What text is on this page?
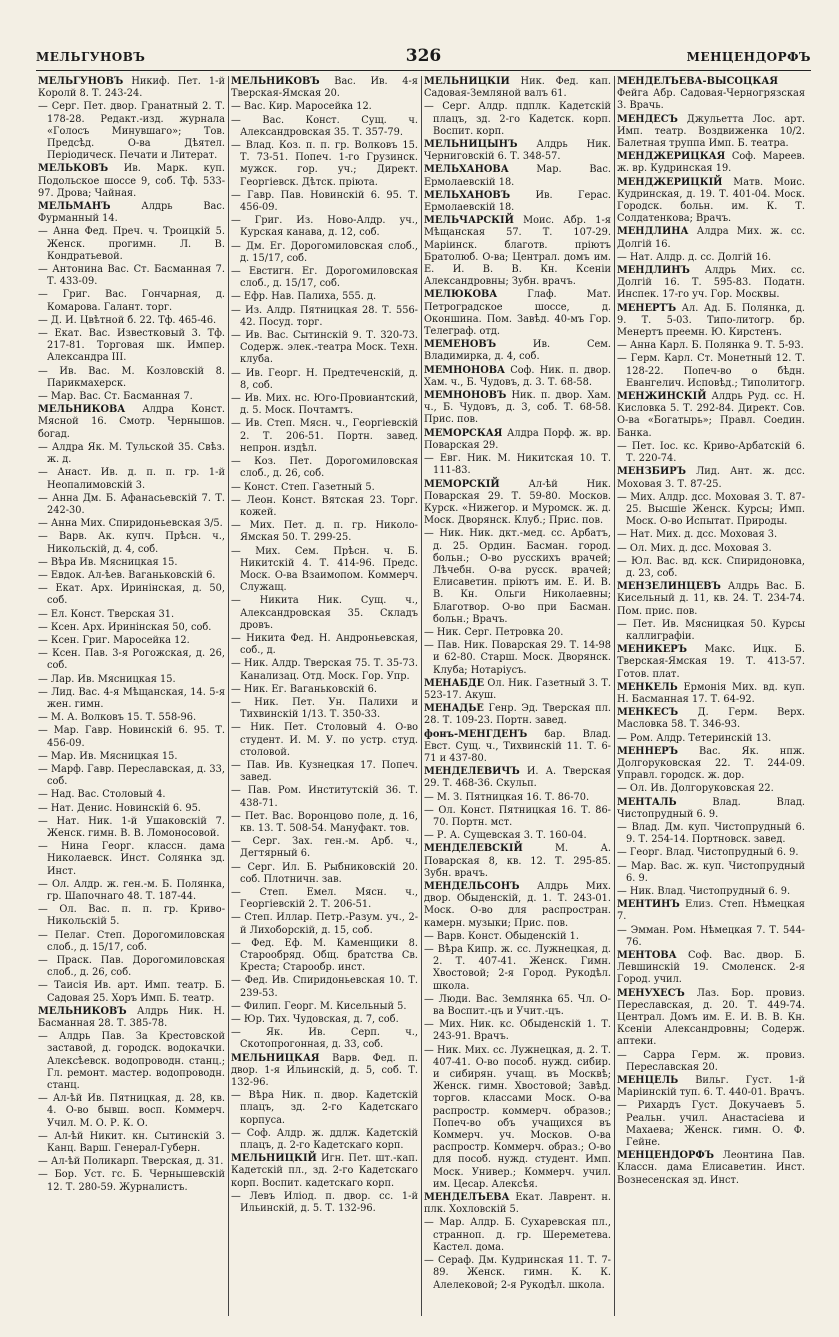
МЕЛЬГУНОВЪ	326	МЕНЦЕНДОРФЪ
МЕЛЬГУНОВЪ Никиф. Пет. 1-й Королй 8. Т. 243-24.
— Серг. Пет. двор. Гранатный 2. Т. 178-28. Редакт.-изд. журнала «Голосъ Минувшаго»; Тов. Предсѣд. О-ва Дѣятел. Періодическ. Печати и Литерат.
МЕЛЬКОВЪ Ив. Марк. куп. Подольское шоссе 9, соб. Тф. 533-97. Дрова; Чайная.
МЕЛЬМАНЪ Алдрь Вас. Фурманный 14.
— Анна Фед. Преч. ч. Троицкій 5. Женск. прогимн. Л. В. Кондратьевой.
— Антонина Вас. Ст. Басманная 7. Т. 433-09.
— Григ. Вас. Гончарная, д. Комарова. Галант. торг.
— Д. И. Цвѣтной б. 22. Тф. 465-46.
— Екат. Вас. Известковый 3. Тф. 217-81. Торговая шк. Импер. Александра III.
— Ив. Вас. М. Козловскій 8. Парикмахерск.
— Мар. Вас. Ст. Басманная 7.
МЕЛЬНИКОВА Алдра Конст. Мясной 16. Смотр. Чернышов. богад.
— Алдра Як. М. Тульской 35. Свѣз. ж. д.
— Анаст. Ив. д. п. п. гр. 1-й Неопалимовскій 3.
— Анна Дм. Б. Афанасьевскій 7. Т. 242-30.
— Анна Мих. Спиридоньевская 3/5.
— Варв. Ак. купч. Прѣсн. ч., Никольскій, д. 4, соб.
— Вѣра Ив. Мясницкая 15.
— Евдок. Ал-ѣев. Ваганьковскій 6.
— Екат. Арх. Иринінская, д. 50, соб.
— Ел. Конст. Тверская 31.
— Ксен. Арх. Иринінская 50, соб.
— Ксен. Григ. Маросейка 12.
— Ксен. Пав. 3-я Рогожская, д. 26, соб.
— Лар. Ив. Мясницкая 15.
— Лид. Вас. 4-я Мѣщанская, 14. 5-я жен. гимн.
— М. А. Волковъ 15. Т. 558-96.
— Мар. Гавр. Новинскій 6. 95. Т. 456-09.
— Мар. Ив. Мясницкая 15.
— Марф. Гавр. Переславская, д. 33, соб.
— Над. Вас. Столовый 4.
— Нат. Денис. Новинскій 6. 95.
— Нат. Ник. 1-й Ушаковскій 7. Женск. гимн. В. В. Ломоносовой.
— Нина Георг. классн. дама Николаевск. Инст. Солянка зд. Инст.
— Ол. Алдр. ж. ген.-м. Б. Полянка, гр. Шапочнаго 48. Т. 187-44.
— Ол. Вас. п. п. гр. Криво-Никольскій 5.
— Пелаг. Степ. Дорогомиловская слоб., д. 15/17, соб.
— Праск. Пав. Дорогомиловская слоб., д. 26, соб.
— Таисія Ив. арт. Имп. театр. Б. Садовая 25. Хоръ Имп. Б. театр.
МЕЛЬНИКОВЪ Алдрь Ник. Н. Басманная 28. Т. 385-78.
— Алдрь Пав. За Крестовской заставой, д. городск. водокачки. Алексѣевск. водопроводн. станц.; Гл. ремонт. мастер. водопроводн. станц.
— Ал-ѣй Ив. Пятницкая, д. 28, кв. 4. О-во бывш. восп. Коммерч. Учил. М. О. Р. К. О.
— Ал-ѣй Никит. кн. Сытинскій 3. Канц. Варш. Генерал-Губерн.
— Ал-ѣй Поликарп. Тверская, д. 31.
— Бор. Уст. гс. Б. Чернышевскій 12. Т. 280-59. Журналистъ.
МЕЛЬНИКОВЪ Вас. Ив. 4-я Тверская-Ямская 20.
— Вас. Кир. Маросейка 12.
— Вас. Конст. Сущ. ч. Александровская 35. Т. 357-79.
— Влад. Коз. п. п. гр. Волковъ 15. Т. 73-51. Попеч. 1-го Грузинск. мужск. гор. уч.; Директ. Георгіевск. Дѣтск. пріюта.
— Гавр. Пав. Новинскій 6. 95. Т. 456-09.
— Григ. Из. Ново-Алдр. уч., Курская канава, д. 12, соб.
— Дм. Ег. Дорогомиловская слоб., д. 15/17, соб.
— Евстигн. Ег. Дорогомиловская слоб., д. 15/17, соб.
— Ефр. Нав. Палиха, 555. д.
— Из. Алдр. Пятницкая 28. Т. 556-42. Посуд. торг.
— Ив. Вас. Сытинскій 9. Т. 320-73. Содерж. элек.-театра Моск. Техн. клуба.
— Ив. Георг. Н. Предтеченскій, д. 8, соб.
— Ив. Мих. нс. Юго-Провиантский, д. 5. Моск. Почтамтъ.
— Ив. Степ. Мясн. ч., Георгіевскій 2. Т. 206-51. Портн. завед. непрон. издѣл.
— Коз. Пет. Дорогомиловская слоб., д. 26, соб.
— Конст. Степ. Газетный 5.
— Леон. Конст. Вятская 23. Торг. кожей.
— Мих. Пет. д. п. гр. Николо-Ямская 50. Т. 299-25.
— Мих. Сем. Прѣсн. ч. Б. Никитскій 4. Т. 414-96. Предс. Моск. О-ва Взаимопом. Коммерч. Служащ.
— Никита Ник. Сущ. ч., Александровская 35. Складъ дровъ.
— Никита Фед. Н. Андроньевская, соб., д.
— Ник. Алдр. Тверская 75. Т. 35-73. Канализац. Отд. Моск. Гор. Упр.
— Ник. Ег. Ваганьковскій 6.
— Ник. Пет. Ун. Палихи и Тихвинскій 1/13. Т. 350-33.
— Ник. Пет. Столовый 4. О-во студент. И. М. У. по устр. студ. столовой.
— Пав. Ив. Кузнецкая 17. Попеч. завед.
— Пав. Ром. Институтскій 36. Т. 438-71.
— Пет. Вас. Воронцово поле, д. 16, кв. 13. Т. 508-54. Мануфакт. тов.
— Серг. Зах. ген.-м. Арб. ч., Дегтярный 6.
— Серг. Ил. Б. Рыбниковскій 20. соб. Плотничн. зав.
— Степ. Емел. Мясн. ч., Георгіевскій 2. Т. 206-51.
— Степ. Иллар. Петр.-Разум. уч., 2-й Лихоборскій, д. 15, соб.
— Фед. Еф. М. Каменщики 8. Старообряд. Общ. братства Св. Креста; Старообр. инст.
— Фед. Ив. Спиридоньевская 10. Т. 239-53.
— Филип. Георг. М. Кисельный 5.
— Юр. Тих. Чудовская, д. 7, соб.
— Як. Ив. Серп. ч., Скотопрогонная, д. 33, соб.
МЕЛЬНИЦКАЯ Варв. Фед. п. двор. 1-я Ильинскій, д. 5, соб. Т. 132-96.
— Вѣра Ник. п. двор. Кадетскій плацъ, зд. 2-го Кадетскаго корпуса.
— Соф. Алдр. ж. ддлж. Кадетскій плацъ, д. 2-го Кадетскаго корп.
МЕЛЬНИЦКІЙ Игн. Пет. шт.-кап. Кадетскій пл., зд. 2-го Кадетскаго корп. Воспит. кадетскаго корп.
— Левъ Илiод. п. двор. сс. 1-й Ильинскій, д. 5. Т. 132-96.
МЕЛЬНИЦКІЙ Ник. Фед. кап. Садовая-Земляной валъ 61.
— Серг. Алдр. пдплк. Кадетскій плацъ, зд. 2-го Кадетск. корп. Воспит. корп.
МЕЛЬНИЦЫНЪ Алдрь Ник. Черниговскій 6. Т. 348-57.
МЕЛЬХАНОВА Мар. Вас. Ермолаевскій 18.
МЕЛЬХАНОВЪ Ив. Герас. Ермолаевскій 18.
МЕЛЬЧАРСКІЙ Моис. Абр. 1-я Мѣщанская 57. Т. 107-29. Маріинск. благотв. пріютъ Братолюб. О-ва; Централ. домъ им. Е. И. В. В. Кн. Ксеніи Александровны; Зубн. врачъ.
МЕЛЮКОВА Глаф. Мат. Петроградское шоссе, д. Оконшина. Пом. Завѣд. 40-мъ Гор. Телеграф. отд.
МЕМЕНОВЪ Ив. Сем. Владимирка, д. 4, соб.
МЕМНОНОВА Соф. Ник. п. двор. Хам. ч., Б. Чудовъ, д. 3. Т. 68-58.
МЕМНОНОВЪ Ник. п. двор. Хам. ч., Б. Чудовъ, д. 3, соб. Т. 68-58. Прис. пов.
МЕМОРСКАЯ Алдра Порф. ж. вр. Поварская 29.
— Евг. Ник. М. Никитская 10. Т. 111-83.
МЕМОРСКІЙ Ал-ѣй Ник. Поварская 29. Т. 59-80. Москов. Курск. «Нижегор. и Муромск. ж. д. Моск. Дворянск. Клуб.; Прис. пов.
— Ник. Ник. дкт.-мед. сс. Арбатъ, д. 25. Ордин. Басман. город. больн.; О-во русскихъ врачей; Лѣчебн. О-ва русск. врачей; Елисаветин. пріютъ им. Е. И. В. В. Кн. Ольги Николаевны; Благотвор. О-во при Басман. больн.; Врачъ.
— Ник. Серг. Петровка 20.
— Пав. Ник. Поварская 29. Т. 14-98 и 62-80. Старш. Моск. Дворянск. Клуба; Нотаріусъ.
МЕНАБДЕ Ол. Ник. Газетный 3. Т. 523-17. Акуш.
МЕНАДЬЕ Генр. Эд. Тверская пл. 28. Т. 109-23. Портн. завед.
фонъ-МЕНГДЕНЪ бар. Влад. Евст. Сущ. ч., Тихвинскій 11. Т. 6-71 и 437-80.
МЕНДЕЛЕВИЧЪ И. А. Тверская 29. Т. 468-36. Скульп.
— М. З. Пятницкая 16. Т. 86-70.
— Ол. Конст. Пятницкая 16. Т. 86-70. Портн. мст.
— Р. А. Сущевская 3. Т. 160-04.
МЕНДЕЛЕВСКІЙ М. А. Поварская 8, кв. 12. Т. 295-85. Зубн. врачъ.
МЕНДЕЛЬСОНЪ Алдрь Мих. двор. Обыденскій, д. 1. Т. 243-01. Моск. О-во для распростран. камерн. музыки; Прис. пов.
— Варв. Конст. Обыденскій 1.
— Вѣра Кипр. ж. сс. Лужнецкая, д. 2. Т. 407-41. Женск. Гимн. Хвостовой; 2-я Город. Рукодѣл. школа.
— Люди. Вас. Землянка 65. Чл. О-ва Воспит.-цъ и Учит.-цъ.
— Мих. Ник. кс. Обыденскій 1. Т. 243-91. Врачъ.
— Ник. Мих. сс. Лужнецкая, д. 2. Т. 407-41. О-во пособ. нужд. сибир. и сибирян. учащ. въ Москвѣ; Женск. гимн. Хвостовой; Завѣд. торгов. классами Моск. О-ва распростр. коммерч. образов.; Попеч-во объ учащихся въ Коммерч. уч. Москов. О-ва распростр. Коммерч. образ.; О-во для пособ. нужд. студент. Имп. Моск. Универ.; Коммерч. учил. им. Цесар. Алексѣя.
МЕНДЕЛЪЕВА Екат. Лаврент. н. плк. Хохловскій 5.
— Мар. Алдр. Б. Сухаревская пл., странноп. д. гр. Шереметева. Кастел. дома.
— Сераф. Дм. Кудринская 11. Т. 7-89. Женск. гимн. К. К. Алелековой; 2-я Рукодѣл. школа.
МЕНДЕЛЪЕВА-ВЫСОЦКАЯ Фейга Абр. Садовая-Черногрязская 3. Врачь.
МЕНДЕСЪ Джульетта Лос. арт. Имп. театр. Воздвиженка 10/2. Балетная труппа Имп. Б. театра.
МЕНДЖЕРИЦКАЯ Соф. Мареев. ж. вр. Кудринская 19.
МЕНДЖЕРИЦКІЙ Матв. Моис. Кудринская, д. 19. Т. 401-04. Моск. Городск. больн. им. К. Т. Солдатенкова; Врачъ.
МЕНДЛИНА Алдра Мих. ж. сс. Долгій 16.
— Нат. Алдр. д. сс. Долгій 16.
МЕНДЛИНЪ Алдрь Мих. сс. Долгій 16. Т. 595-83. Податн. Инспек. 17-го уч. Гор. Москвы.
МЕНЕРТЪ Ал. Ад. Б. Полянка, д. 9. Т. 5-03. Типо-литогр. бр. Менертъ преемн. Ю. Кирстенъ.
— Анна Карл. Б. Полянка 9. Т. 5-93.
— Герм. Карл. Ст. Монетный 12. Т. 128-22. Попеч-во о бѣдн. Евангелич. Исповѣд.; Типолитогр.
МЕНЖИНСКІЙ Алдрь Руд. сс. Н. Кисловка 5. Т. 292-84. Директ. Сов. О-ва «Богатырь»; Правл. Соедин. Банка.
— Пет. Іос. кс. Криво-Арбатскій 6. Т. 220-74.
МЕНЗБИРЪ Лид. Ант. ж. дсс. Моховая 3. Т. 87-25.
— Мих. Алдр. дсс. Моховая 3. Т. 87-25. Высшіе Женск. Курсы; Имп. Моск. О-во Испытат. Природы.
— Нат. Мих. д. дсс. Моховая 3.
— Ол. Мих. д. дсс. Моховая 3.
— Юл. Вас. вд. кск. Спиридоновка, д. 23, соб.
МЕНЗЕЛИНЦЕВЪ Алдрь Вас. Б. Кисельный д. 11, кв. 24. Т. 234-74. Пом. прис. пов.
— Пет. Ив. Мясницкая 50. Курсы каллиграфіи.
МЕНИКЕРЪ Макс. Ицк. Б. Тверская-Ямская 19. Т. 413-57. Готов. плат.
МЕНКЕЛЬ Ермонія Мих. вд. куп. Н. Басманная 17. Т. 64-92.
МЕНКЕСЪ Д. Герм. Верх. Масловка 58. Т. 346-93.
— Ром. Алдр. Тетеринскій 13.
МЕННЕРЪ Вас. Як. нпж. Долгоруковская 22. Т. 244-09. Управл. городск. ж. дор.
— Ол. Ив. Долгоруковская 22.
МЕНТАЛЬ Влад. Влад. Чистопрудный 6. 9.
— Влад. Дм. куп. Чистопрудный 6. 9. Т. 254-14. Портновск. завед.
— Георг. Влад. Чистопрудный 6. 9.
— Мар. Вас. ж. куп. Чистопрудный 6. 9.
— Ник. Влад. Чистопрудный 6. 9.
МЕНТИНЪ Елиз. Степ. Нѣмецкая 7.
— Эмман. Ром. Нѣмецкая 7. Т. 544-76.
МЕНТОВА Соф. Вас. двор. Б. Левшинскій 19. Смоленск. 2-я Город. учил.
МЕНУХЕСЪ Лаз. Бор. провиз. Переславская, д. 20. Т. 449-74. Централ. Домъ им. Е. И. В. В. Кн. Ксеніи Александровны; Содерж. аптеки.
— Сарра Герм. ж. провиз. Переславская 20.
МЕНЦЕЛЬ Вильг. Густ. 1-й Маріинскій туп. 6. Т. 440-01. Врачъ.
— Рихардъ Густ. Докучаевъ 5. Реальн. учил. Анастасіева и Махаева; Женск. гимн. О. Ф. Гейне.
МЕНЦЕНДОРФЪ Леонтина Пав. Классн. дама Елисаветин. Инст. Вознесенская зд. Инст.
